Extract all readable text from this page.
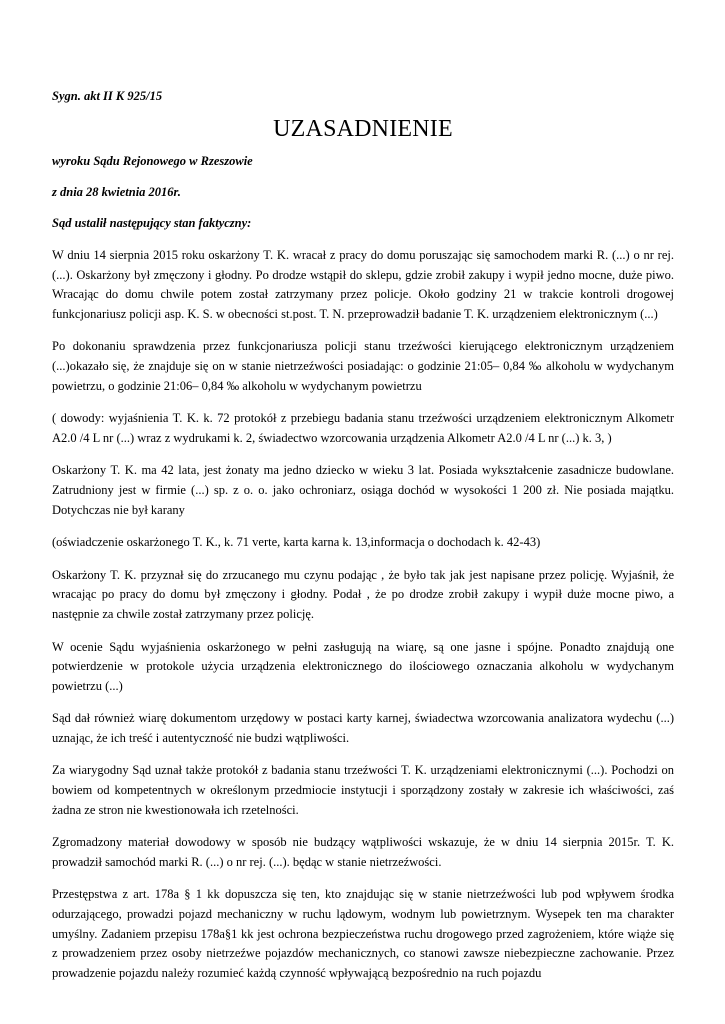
Sygn. akt II K 925/15

UZASADNIENIE

wyroku Sądu Rejonowego w Rzeszowie

z dnia 28 kwietnia 2016r.

Sąd ustalił następujący stan faktyczny:

W dniu 14 sierpnia 2015 roku oskarżony T. K. wracał z pracy do domu poruszając się samochodem marki R. (...) o nr rej. (...). Oskarżony był zmęczony i głodny. Po drodze wstąpił do sklepu, gdzie zrobił zakupy i wypił jedno mocne, duże piwo. Wracając do domu chwile potem został zatrzymany przez policje. Około godziny 21 w trakcie kontroli drogowej funkcjonariusz policji asp. K. S. w obecności st.post. T. N. przeprowadził badanie T. K. urządzeniem elektronicznym (...)

Po dokonaniu sprawdzenia przez funkcjonariusza policji stanu trzeźwości kierującego elektronicznym urządzeniem (...)okazało się, że znajduje się on w stanie nietrzeźwości posiadając: o godzinie 21:05– 0,84 ‰ alkoholu w wydychanym powietrzu, o godzinie 21:06– 0,84 ‰ alkoholu w wydychanym powietrzu

( dowody: wyjaśnienia T. K. k. 72 protokół z przebiegu badania stanu trzeźwości urządzeniem elektronicznym Alkometr A2.0 /4 L nr (...) wraz z wydrukami k. 2, świadectwo wzorcowania urządzenia Alkometr A2.0 /4 L nr (...) k. 3, )

Oskarżony T. K. ma 42 lata, jest żonaty ma jedno dziecko w wieku 3 lat. Posiada wykształcenie zasadnicze budowlane. Zatrudniony jest w firmie (...) sp. z o. o. jako ochroniarz, osiąga dochód w wysokości 1 200 zł. Nie posiada majątku. Dotychczas nie był karany

(oświadczenie oskarżonego T. K., k. 71 verte, karta karna k. 13,informacja o dochodach k. 42-43)

Oskarżony T. K. przyznał się do zrzucanego mu czynu podając , że było tak jak jest napisane przez policję. Wyjaśnił, że wracając po pracy do domu był zmęczony i głodny. Podał , że po drodze zrobił zakupy i wypił duże mocne piwo, a następnie za chwile został zatrzymany przez policję.

W ocenie Sądu wyjaśnienia oskarżonego w pełni zasługują na wiarę, są one jasne i spójne. Ponadto znajdują one potwierdzenie w protokole użycia urządzenia elektronicznego do ilościowego oznaczania alkoholu w wydychanym powietrzu (...)

Sąd dał również wiarę dokumentom urzędowy w postaci karty karnej, świadectwa wzorcowania analizatora wydechu (...) uznając, że ich treść i autentyczność nie budzi wątpliwości.

Za wiarygodny Sąd uznał także protokół z badania stanu trzeźwości T. K. urządzeniami elektronicznymi (...). Pochodzi on bowiem od kompetentnych w określonym przedmiocie instytucji i sporządzony zostały w zakresie ich właściwości, zaś żadna ze stron nie kwestionowała ich rzetelności.

Zgromadzony materiał dowodowy w sposób nie budzący wątpliwości wskazuje, że w dniu 14 sierpnia 2015r. T. K. prowadził samochód marki R. (...) o nr rej. (...). będąc w stanie nietrzeźwości.

Przestępstwa z art. 178a § 1 kk dopuszcza się ten, kto znajdując się w stanie nietrzeźwości lub pod wpływem środka odurzającego, prowadzi pojazd mechaniczny w ruchu lądowym, wodnym lub powietrznym. Wysepek ten ma charakter umyślny. Zadaniem przepisu 178a§1 kk jest ochrona bezpieczeństwa ruchu drogowego przed zagrożeniem, które wiąże się z prowadzeniem przez osoby nietrzeźwe pojazdów mechanicznych, co stanowi zawsze niebezpieczne zachowanie. Przez prowadzenie pojazdu należy rozumieć każdą czynność wpływającą bezpośrednio na ruch pojazdu
